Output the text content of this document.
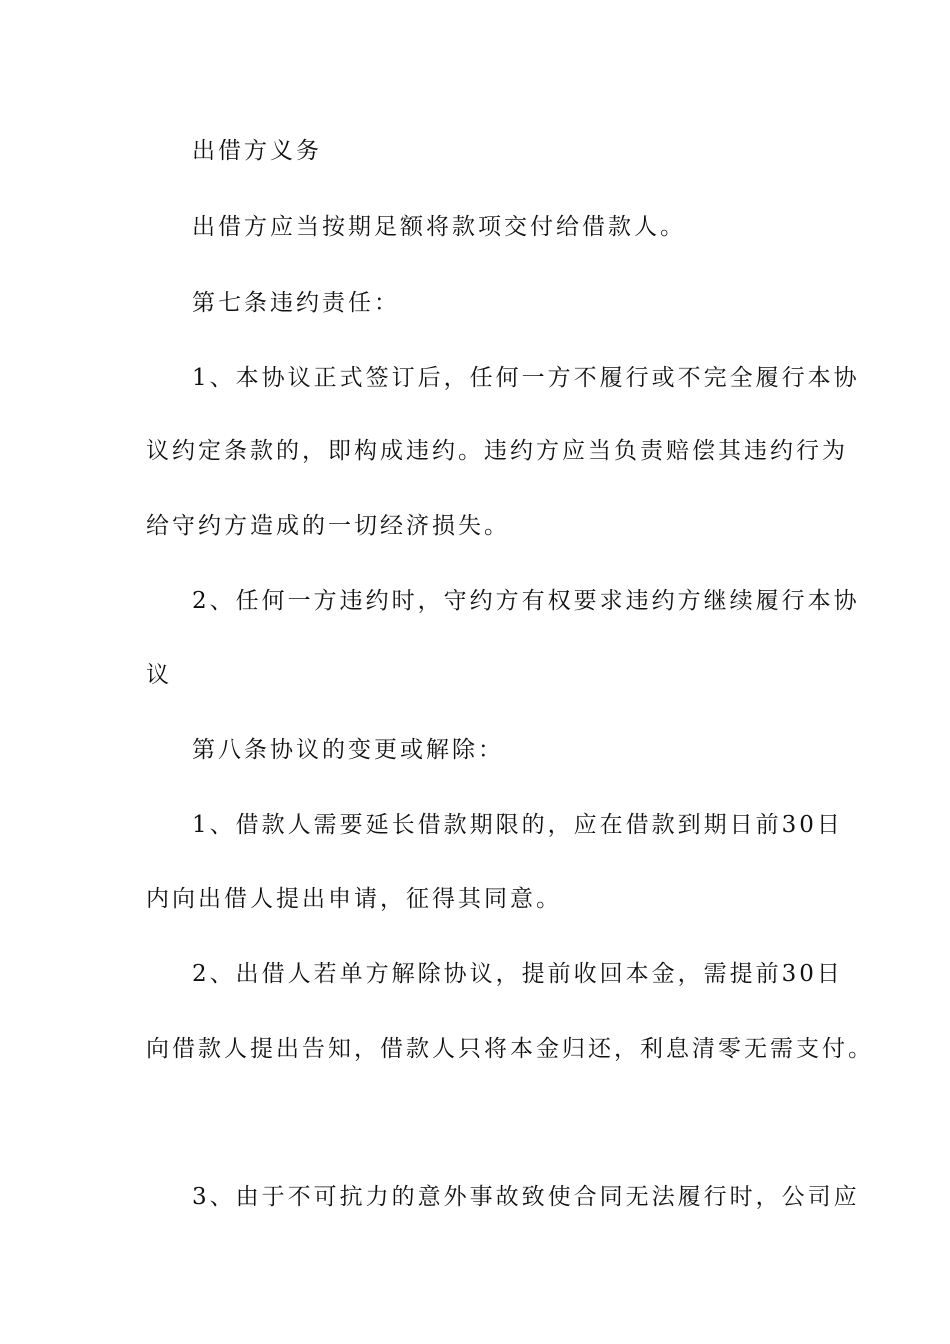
出借方义务
出借方应当按期足额将款项交付给借款人。
第七条违约责任：
1、本协议正式签订后，任何一方不履行或不完全履行本协
议约定条款的，即构成违约。违约方应当负责赔偿其违约行为
给守约方造成的一切经济损失。
2、任何一方违约时，守约方有权要求违约方继续履行本协
议
第八条协议的变更或解除：
1、借款人需要延长借款期限的，应在借款到期日前30日
内向出借人提出申请，征得其同意。
2、出借人若单方解除协议，提前收回本金，需提前30日
向借款人提出告知，借款人只将本金归还，利息清零无需支付。
3、由于不可抗力的意外事故致使合同无法履行时，公司应
